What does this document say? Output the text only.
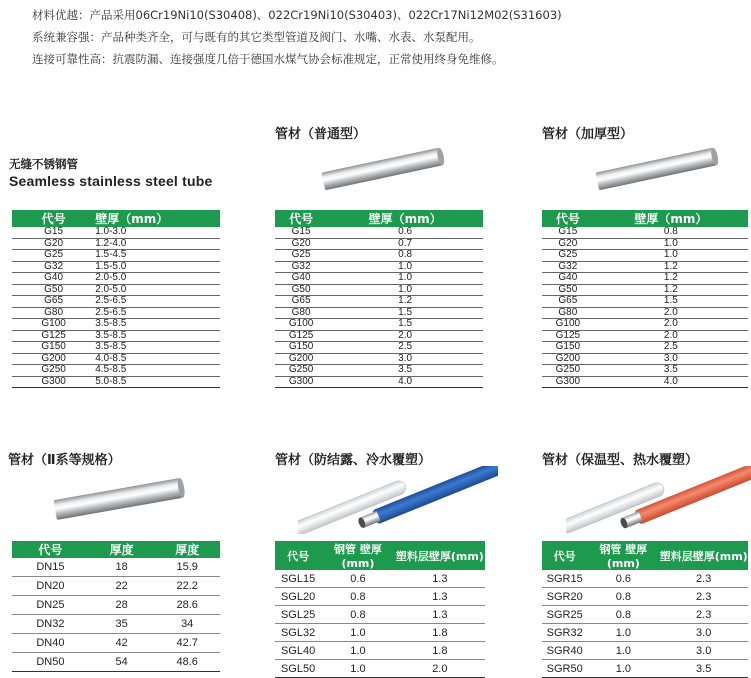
材料优越：产品采用06Cr19Ni10(S30408)、022Cr19Ni10(S30403)、022Cr17Ni12M02(S31603)
系统兼容强：产品种类齐全，可与既有的其它类型管道及阀门、水嘴、水表、水泵配用。
连接可靠性高：抗震防漏、连接强度几倍于德国水煤气协会标准规定，正常使用终身免维修。
无缝不锈钢管
Seamless stainless steel tube
管材（普通型）	管材（加厚型）
代号	壁厚（mm）
G15	1.0-3.0
G20	1.2-4.0
G25	1.5-4.5
G32	1.5-5.0
G40	2.0-5.0
G50	2.0-5.0
G65	2.5-6.5
G80	2.5-6.5
G100	3.5-8.5
G125	3.5-8.5
G150	3.5-8.5
G200	4.0-8.5
G250	4.5-8.5
G300	5.0-8.5
代号	壁厚（mm）
G15	0.6
G20	0.7
G25	0.8
G32	1.0
G40	1.0
G50	1.0
G65	1.2
G80	1.5
G100	1.5
G125	2.0
G150	2.5
G200	3.0
G250	3.5
G300	4.0
代号	壁厚（mm）
G15	0.8
G20	1.0
G25	1.0
G32	1.2
G40	1.2
G50	1.2
G65	1.5
G80	2.0
G100	2.0
G125	2.0
G150	2.5
G200	3.0
G250	3.5
G300	4.0
管材（Ⅱ系等规格）	管材（防结露、冷水覆塑）	管材（保温型、热水覆塑）
代号	厚度	厚度
DN15	18	15.9
DN20	22	22.2
DN25	28	28.6
DN32	35	34
DN40	42	42.7
DN50	54	48.6
代号	钢管 壁厚(mm)	塑料层壁厚(mm)
SGL15	0.6	1.3
SGL20	0.8	1.3
SGL25	0.8	1.3
SGL32	1.0	1.8
SGL40	1.0	1.8
SGL50	1.0	2.0
代号	钢管 壁厚(mm)	塑料层壁厚(mm)
SGR15	0.6	2.3
SGR20	0.8	2.3
SGR25	0.8	2.3
SGR32	1.0	3.0
SGR40	1.0	3.0
SGR50	1.0	3.5
